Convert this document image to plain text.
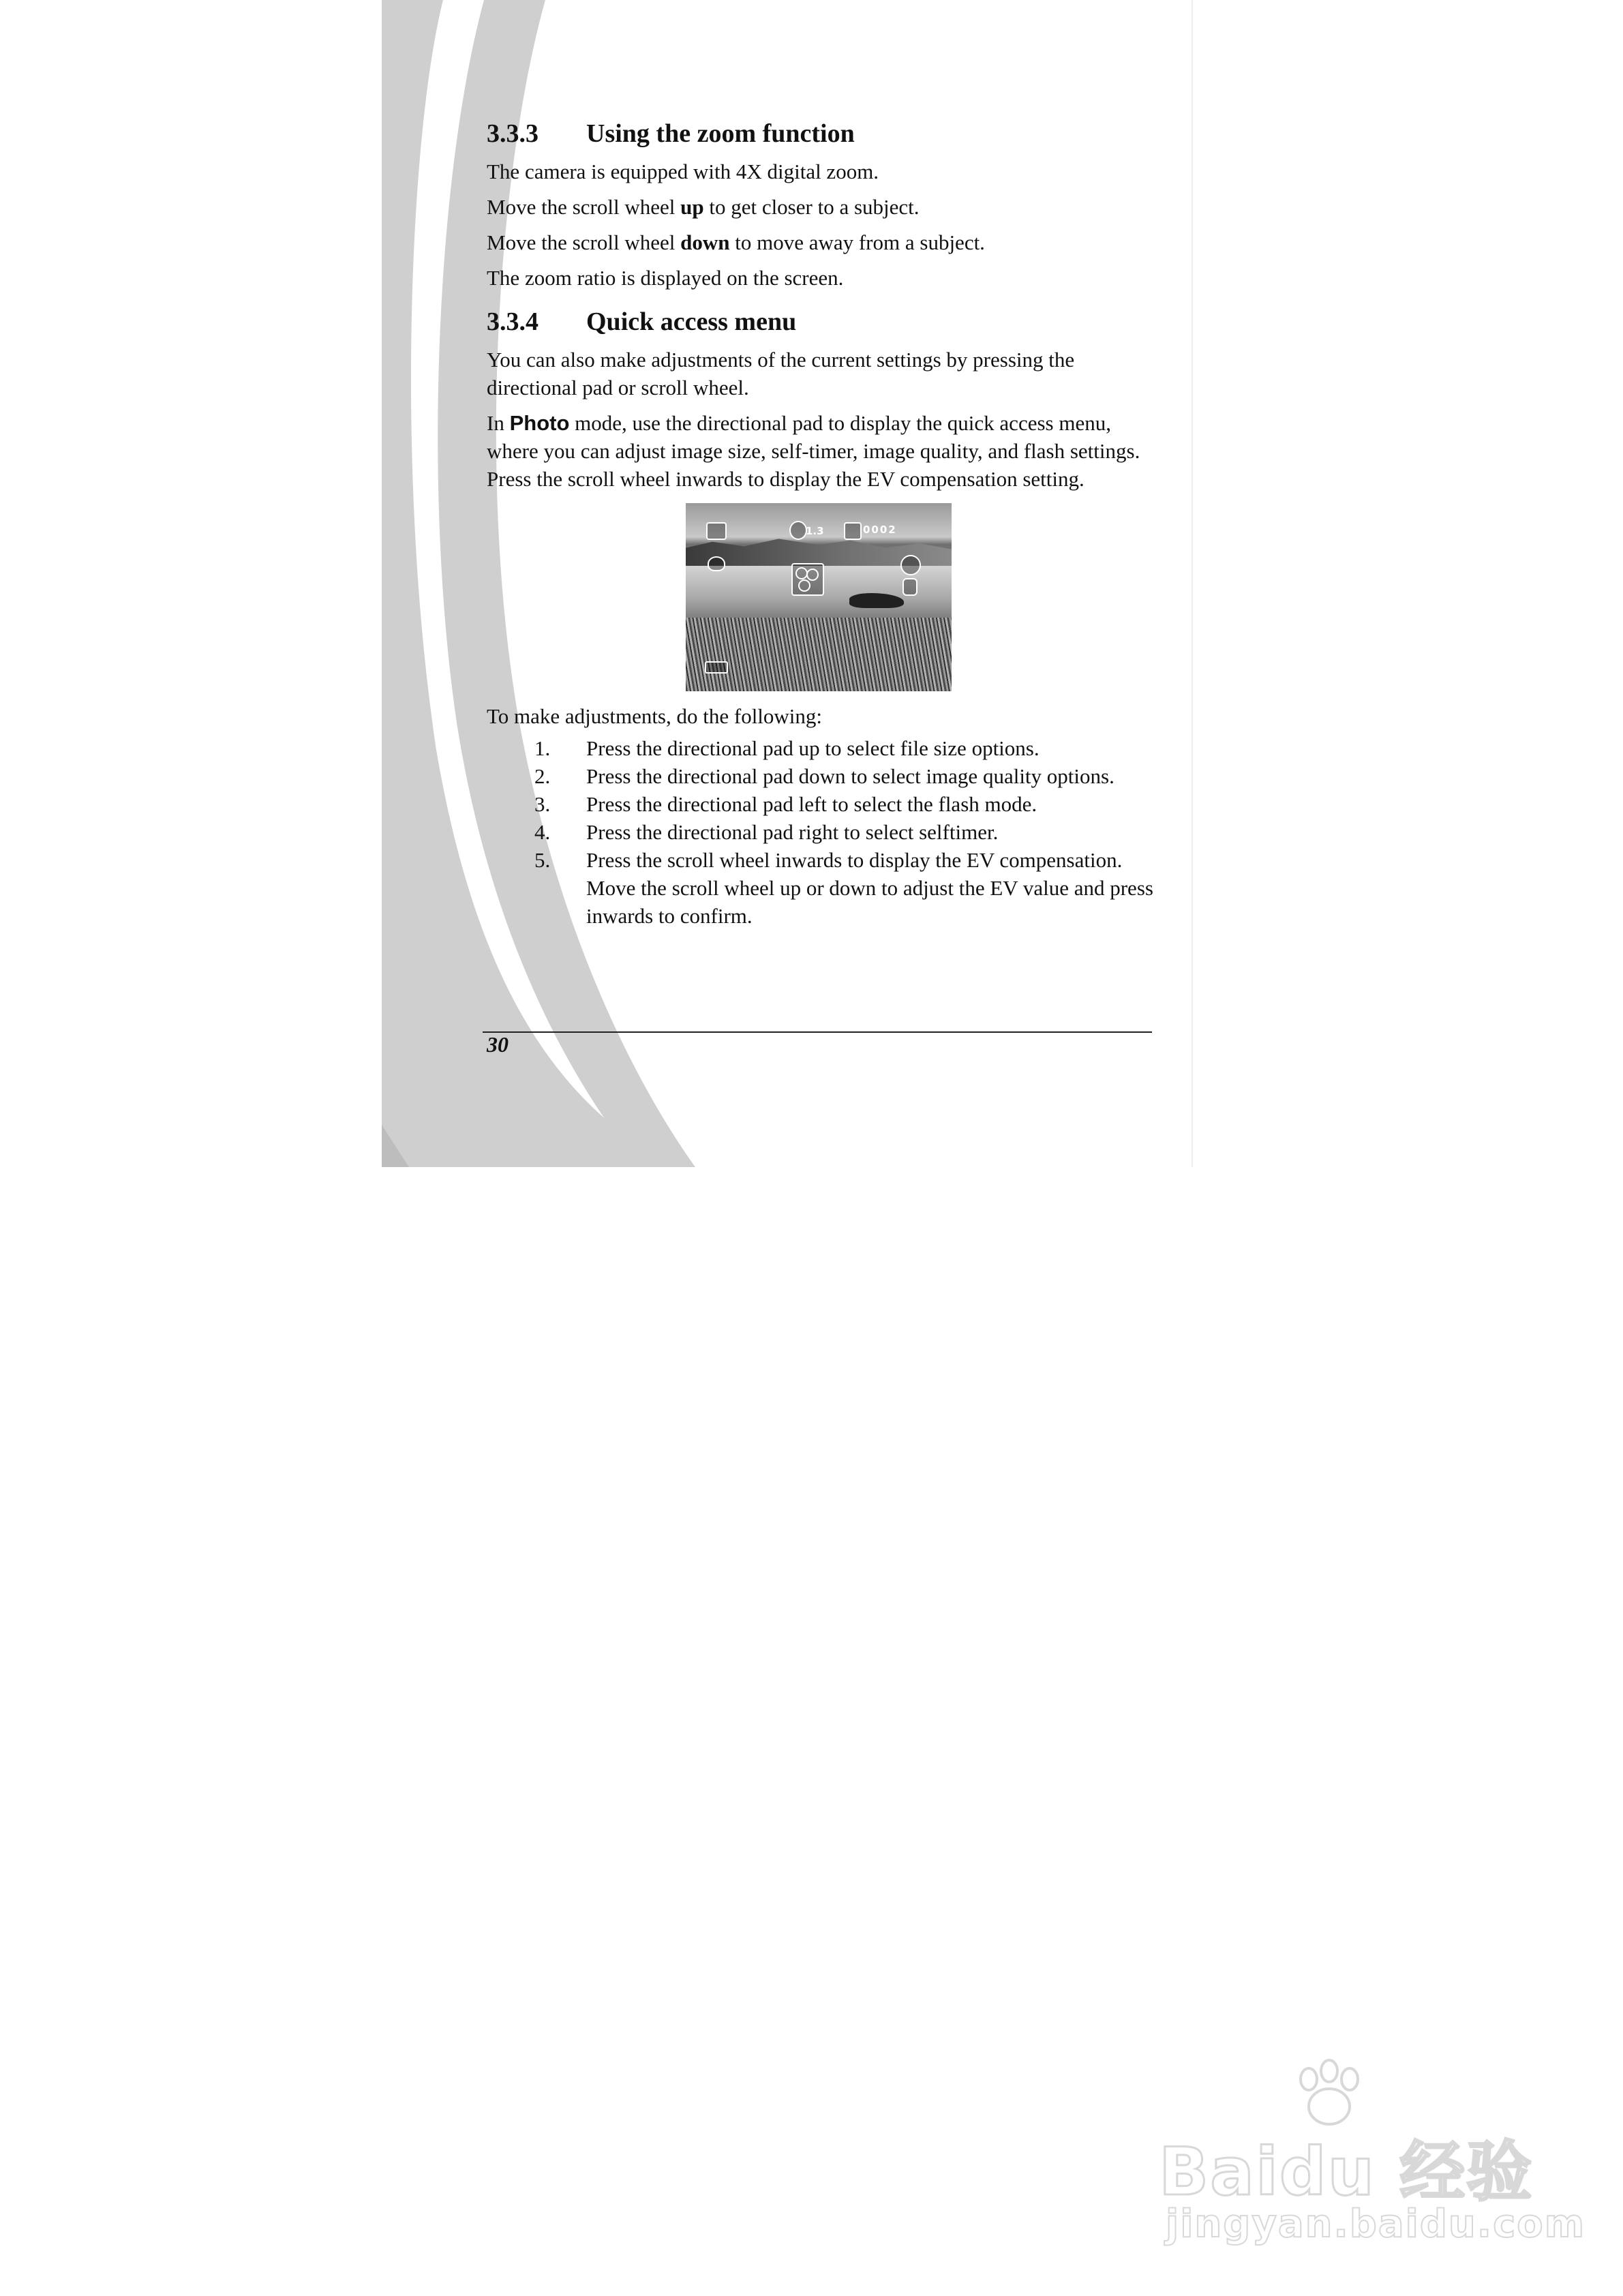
3.3.3 Using the zoom function

The camera is equipped with 4X digital zoom.

Move the scroll wheel up to get closer to a subject.

Move the scroll wheel down to move away from a subject.

The zoom ratio is displayed on the screen.

3.3.4 Quick access menu

You can also make adjustments of the current settings by pressing the directional pad or scroll wheel.

In Photo mode, use the directional pad to display the quick access menu, where you can adjust image size, self-timer, image quality, and flash settings. Press the scroll wheel inwards to display the EV compensation setting.

1.3	0002

To make adjustments, do the following:

1. Press the directional pad up to select file size options.
2. Press the directional pad down to select image quality options.
3. Press the directional pad left to select the flash mode.
4. Press the directional pad right to select selftimer.
5. Press the scroll wheel inwards to display the EV compensation. Move the scroll wheel up or down to adjust the EV value and press inwards to confirm.
30
Baidu 经验
jingyan.baidu.com
